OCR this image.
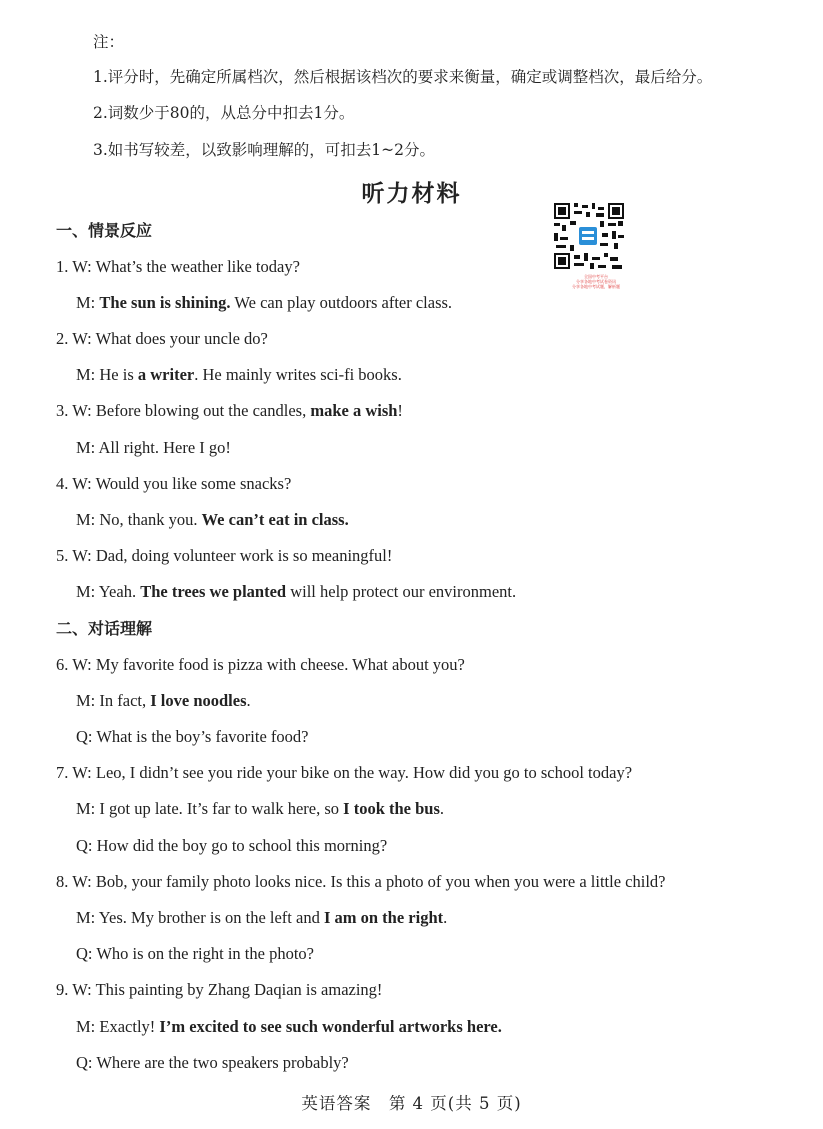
注：
1.评分时，先确定所属档次，然后根据该档次的要求来衡量，确定或调整档次，最后给分。
2.词数少于80的，从总分中扣去1分。
3.如书写较差，以致影响理解的，可扣去1~2分。
听力材料
全国中考平台
分享各地中考试卷资讯
分享各地中考试题，解析题
一、情景反应
1. W: What’s the weather like today?
M: The sun is shining. We can play outdoors after class.
2. W: What does your uncle do?
M: He is a writer. He mainly writes sci-fi books.
3. W: Before blowing out the candles, make a wish!
M: All right. Here I go!
4. W: Would you like some snacks?
M: No, thank you. We can’t eat in class.
5. W: Dad, doing volunteer work is so meaningful!
M: Yeah. The trees we planted will help protect our environment.
二、对话理解
6. W: My favorite food is pizza with cheese. What about you?
M: In fact, I love noodles.
Q: What is the boy’s favorite food?
7. W: Leo, I didn’t see you ride your bike on the way. How did you go to school today?
M: I got up late. It’s far to walk here, so I took the bus.
Q: How did the boy go to school this morning?
8. W: Bob, your family photo looks nice. Is this a photo of you when you were a little child?
M: Yes. My brother is on the left and I am on the right.
Q: Who is on the right in the photo?
9. W: This painting by Zhang Daqian is amazing!
M: Exactly! I’m excited to see such wonderful artworks here.
Q: Where are the two speakers probably?
英语答案　第 4 页(共 5 页)
